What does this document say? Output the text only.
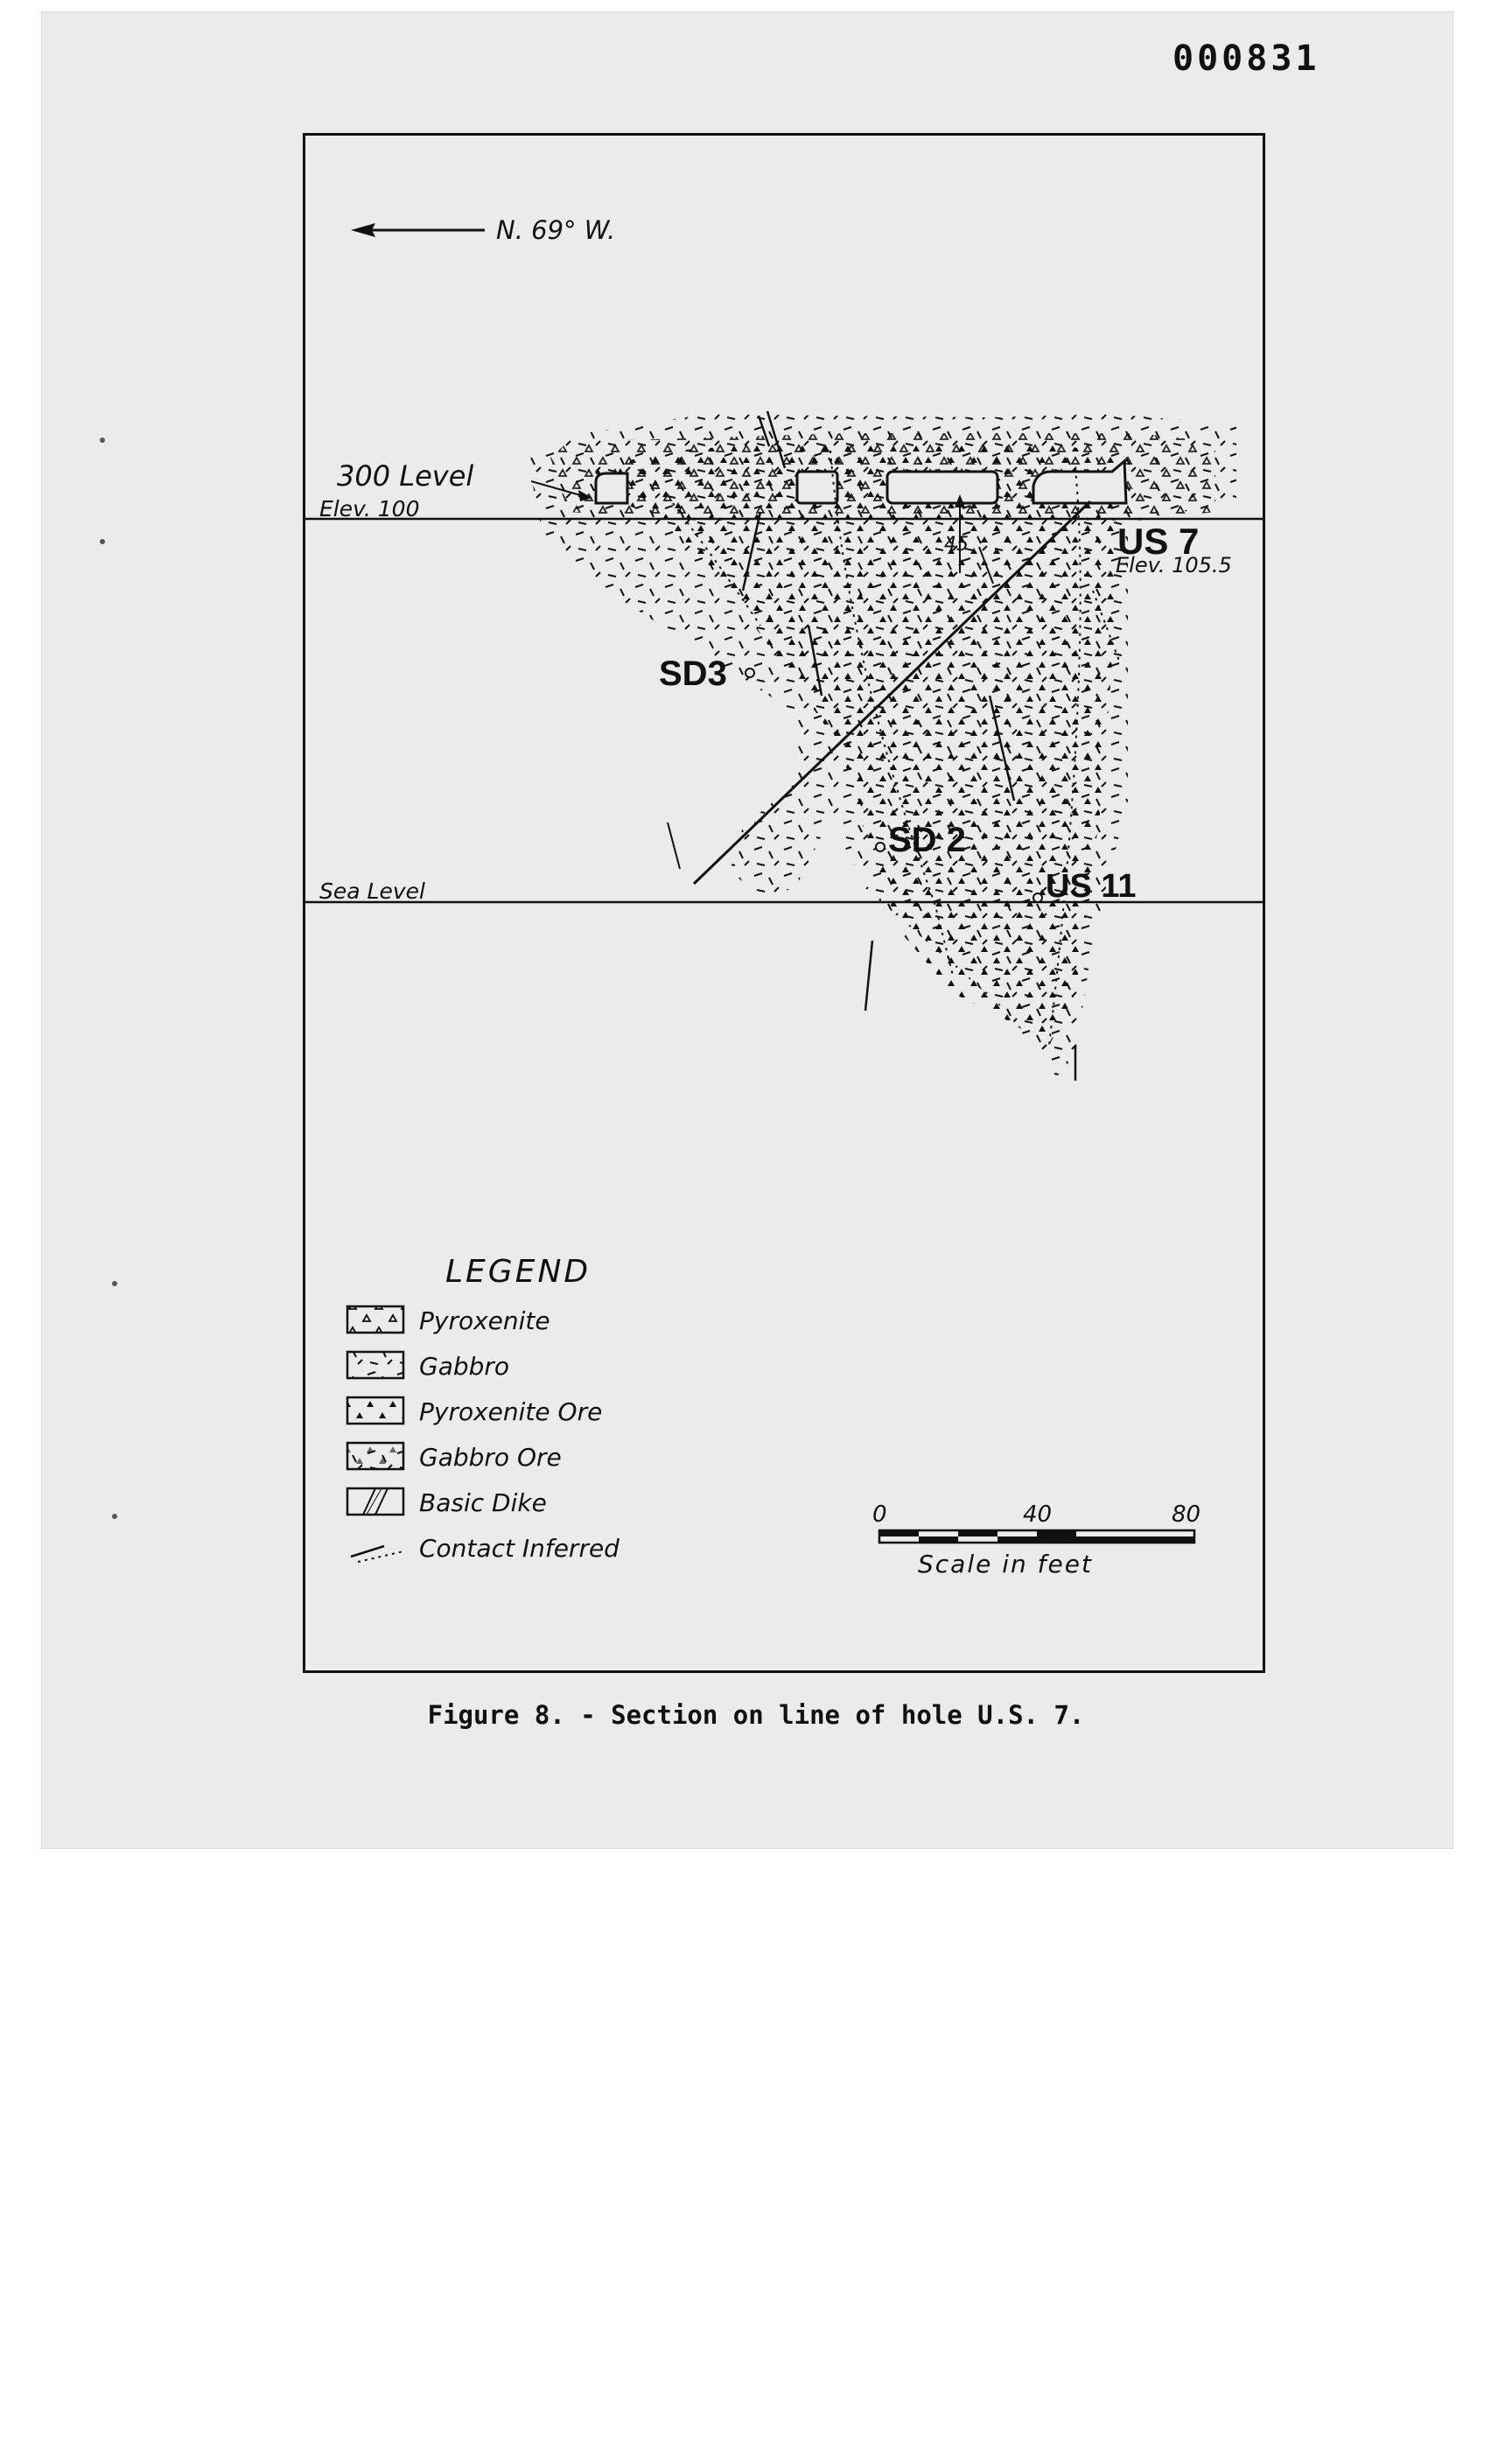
000831
N. 69° W.
300 Level
Elev. 100
Sea Level
Elev. 105.5
45
SD3
SD 2
US 7
US 11
LEGEND
Pyroxenite
Gabbro
Pyroxenite Ore
Gabbro Ore
Basic Dike
Contact Inferred
0	40	80
Scale in feet
Figure 8. - Section on line of hole U.S. 7.
